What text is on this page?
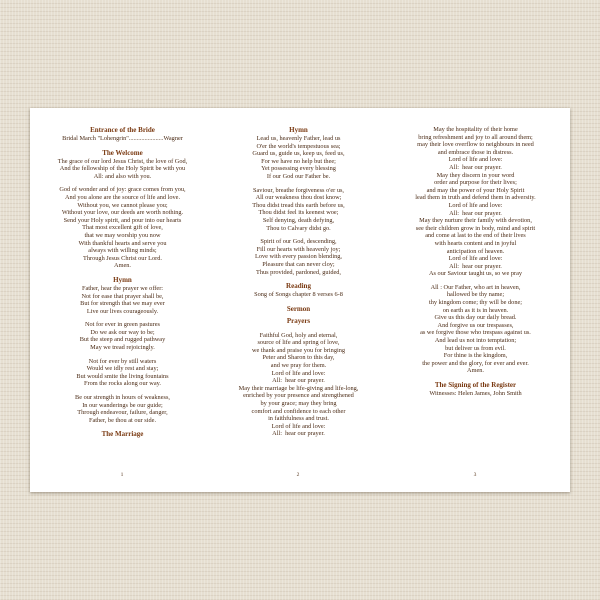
Entrance of the Bride
Bridal March "Lohengrin"......................Wagner
The Welcome
The grace of our lord Jesus Christ, the love of God,
And the fellowship of the Holy Spirit be with you
All: and also with you.
God of wonder and of joy: grace comes from you,
And you alone are the source of life and love.
Without you, we cannot please you;
Without your love, our deeds are worth nothing.
Send your Holy spirit, and pour into our hearts
That most excellent gift of love,
that we may worship you now
With thankful hearts and serve you
always with willing minds;
Through Jesus Christ our Lord.
Amen.
Hymn
Father, hear the prayer we offer:
Not for ease that prayer shall be,
But for strength that we may ever
Live our lives courageously.
Not for ever in green pastures
Do we ask our way to be;
But the steep and rugged pathway
May we tread rejoicingly.
Not for ever by still waters
Would we idly rest and stay;
But would smite the living fountains
From the rocks along our way.
Be our strength in hours of weakness,
In our wanderings be our guide;
Through endeavour, failure, danger,
Father, be thou at our side.
The Marriage
Hymn
Lead us, heavenly Father, lead us
O'er the world's tempestuous sea;
Guard us, guide us, keep us, feed us,
For we have no help but thee;
Yet possessing every blessing
If our God our Father be.
Saviour, breathe forgiveness o'er us,
All our weakness thou dost know;
Thou didst tread this earth before us,
Thou didst feel its keenest woe;
Self denying, death defying,
Thou to Calvary didst go.
Spirit of our God, descending,
Fill our hearts with heavenly joy;
Love with every passion blending,
Pleasure that can never cloy;
Thus provided, pardoned, guided,
Reading
Song of Songs chapter 8 verses 6-8
Sermon
Prayers
Faithful God, holy and eternal,
source of life and spring of love,
we thank and praise you for bringing
Peter and Sharon to this day,
and we pray for them.
Lord of life and love:
All:  hear our prayer.
May their marriage be life-giving and life-long,
enriched by your presence and strengthened
by your grace; may they bring
comfort and confidence to each other
in faithfulness and trust.
Lord of life and love:
All:  hear our prayer.
May the hospitality of their home
bring refreshment and joy to all around them;
may their love overflow to neighbours in need
and embrace those in distress.
Lord of life and love:
All:  hear our prayer.
May they discern in your word
order and purpose for their lives;
and may the power of your Holy Spirit
lead them in truth and defend them in adversity.
Lord of life and love:
All:  hear our prayer.
May they nurture their family with devotion,
see their children grow in body, mind and spirit
and come at last to the end of their lives
with hearts content and in joyful
anticipation of heaven.
Lord of life and love:
All:  hear our prayer.
As our Saviour taught us, so we pray
All : Our Father, who art in heaven,
hallowed be thy name;
thy kingdom come; thy will be done;
on earth as it is in heaven.
Give us this day our daily bread.
And forgive us our trespasses,
as we forgive those who trespass against us.
And lead us not into temptation;
but deliver us from evil.
For thine is the kingdom,
the power and the glory, for ever and ever.
Amen.
The Signing of the Register
Witnesses: Helen James, John Smith
1	2	3
